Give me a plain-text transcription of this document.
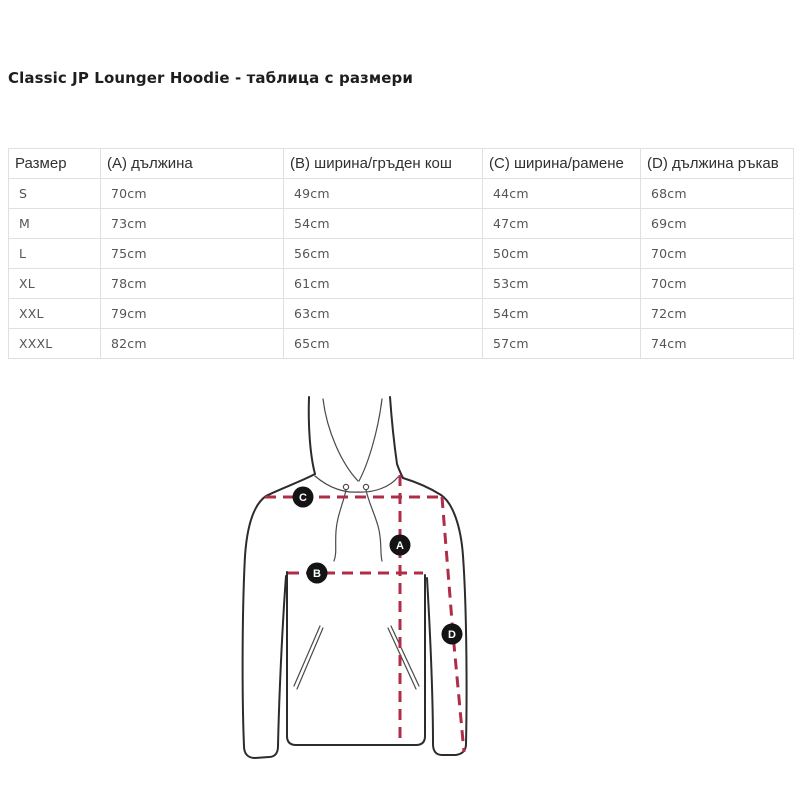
Classic JP Lounger Hoodie - таблица с размери
Размер	(A) дължина	(B) ширина/гръден кош	(C) ширина/рамене	(D) дължина ръкав
S	70cm	49cm	44cm	68cm
M	73cm	54cm	47cm	69cm
L	75cm	56cm	50cm	70cm
XL	78cm	61cm	53cm	70cm
XXL	79cm	63cm	54cm	72cm
XXXL	82cm	65cm	57cm	74cm
C
A
B
D
